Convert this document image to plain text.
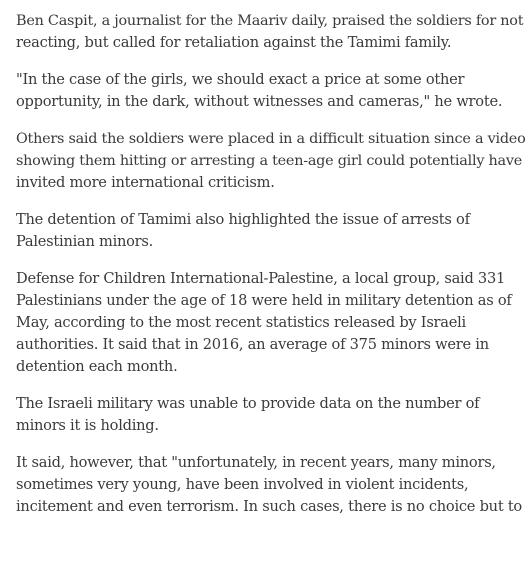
Ben Caspit, a journalist for the Maariv daily, praised the soldiers for not
reacting, but called for retaliation against the Tamimi family.

"In the case of the girls, we should exact a price at some other
opportunity, in the dark, without witnesses and cameras," he wrote.

Others said the soldiers were placed in a difficult situation since a video
showing them hitting or arresting a teen-age girl could potentially have
invited more international criticism.

The detention of Tamimi also highlighted the issue of arrests of
Palestinian minors.

Defense for Children International-Palestine, a local group, said 331
Palestinians under the age of 18 were held in military detention as of
May, according to the most recent statistics released by Israeli
authorities. It said that in 2016, an average of 375 minors were in
detention each month.

The Israeli military was unable to provide data on the number of
minors it is holding.

It said, however, that "unfortunately, in recent years, many minors,
sometimes very young, have been involved in violent incidents,
incitement and even terrorism. In such cases, there is no choice but to
